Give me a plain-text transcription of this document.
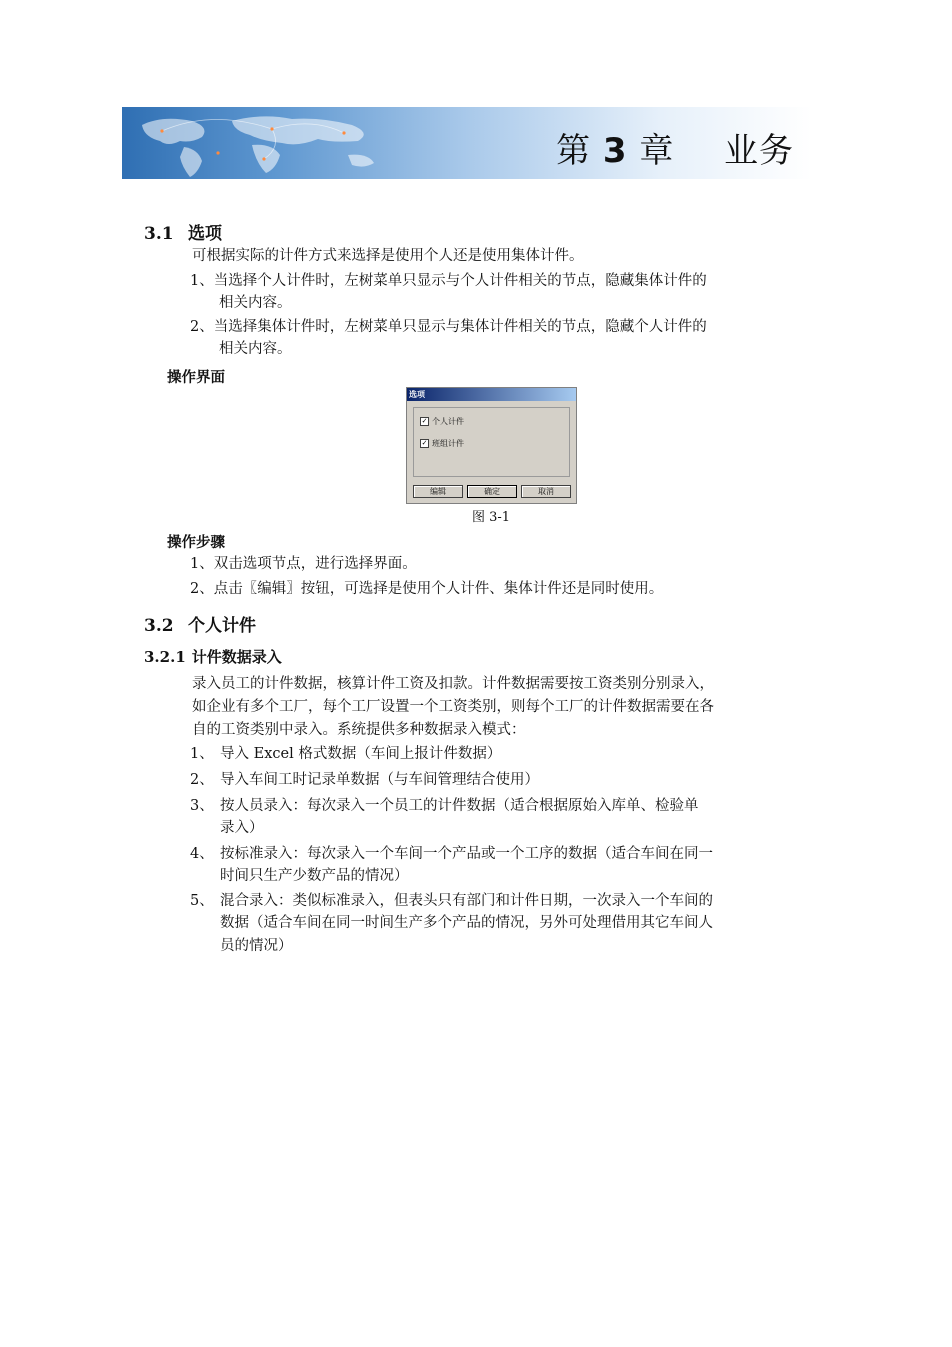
第 3 章 业务
3.1 选项
可根据实际的计件方式来选择是使用个人还是使用集体计件。
1、当选择个人计件时，左树菜单只显示与个人计件相关的节点，隐藏集体计件的
相关内容。
2、当选择集体计件时，左树菜单只显示与集体计件相关的节点，隐藏个人计件的
相关内容。
操作界面
选项
✓ 个人计件
✓ 班组计件
编辑	确定	取消
图 3-1
操作步骤
1、双击选项节点，进行选择界面。
2、点击〖编辑〗按钮，可选择是使用个人计件、集体计件还是同时使用。
3.2 个人计件
3.2.1 计件数据录入
录入员工的计件数据，核算计件工资及扣款。计件数据需要按工资类别分别录入，
如企业有多个工厂，每个工厂设置一个工资类别，则每个工厂的计件数据需要在各
自的工资类别中录入。系统提供多种数据录入模式：
1、 导入 Excel 格式数据（车间上报计件数据）
2、 导入车间工时记录单数据（与车间管理结合使用）
3、 按人员录入：每次录入一个员工的计件数据（适合根据原始入库单、检验单
录入）
4、 按标准录入：每次录入一个车间一个产品或一个工序的数据（适合车间在同一
时间只生产少数产品的情况）
5、 混合录入：类似标准录入，但表头只有部门和计件日期，一次录入一个车间的
数据（适合车间在同一时间生产多个产品的情况，另外可处理借用其它车间人
员的情况）
